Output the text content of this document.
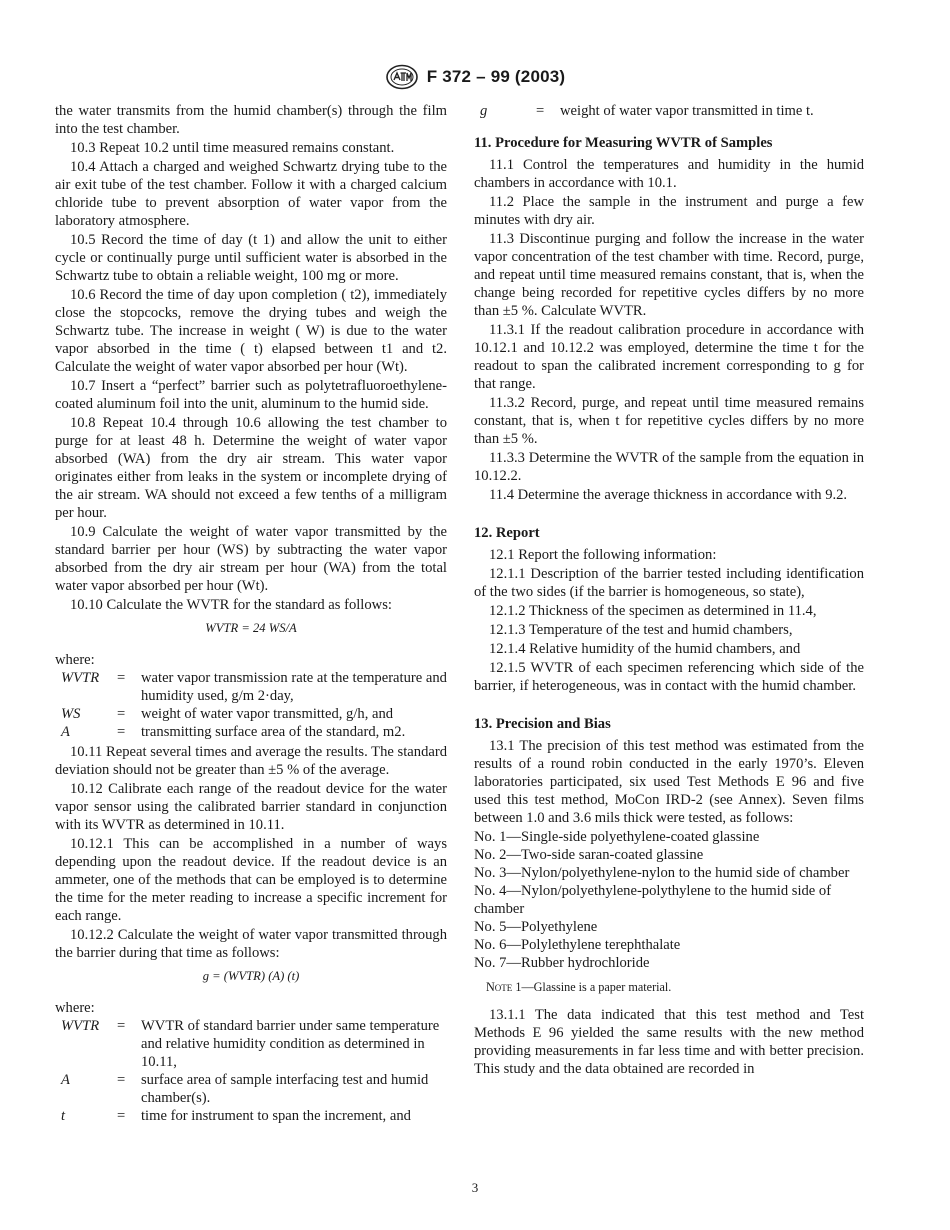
F 372 – 99 (2003)
the water transmits from the humid chamber(s) through the film into the test chamber.
10.3 Repeat 10.2 until time measured remains constant.
10.4 Attach a charged and weighed Schwartz drying tube to the air exit tube of the test chamber. Follow it with a charged calcium chloride tube to prevent absorption of water vapor from the laboratory atmosphere.
10.5 Record the time of day (t 1) and allow the unit to either cycle or continually purge until sufficient water is absorbed in the Schwartz tube to obtain a reliable weight, 100 mg or more.
10.6 Record the time of day upon completion ( t2), immediately close the stopcocks, remove the drying tubes and weigh the Schwartz tube. The increase in weight ( W) is due to the water vapor absorbed in the time ( t) elapsed between t1 and t2. Calculate the weight of water vapor absorbed per hour (Wt).
10.7 Insert a “perfect” barrier such as polytetrafluoroethylene-coated aluminum foil into the unit, aluminum to the humid side.
10.8 Repeat 10.4 through 10.6 allowing the test chamber to purge for at least 48 h. Determine the weight of water vapor absorbed (WA) from the dry air stream. This water vapor originates either from leaks in the system or incomplete drying of the air stream. WA should not exceed a few tenths of a milligram per hour.
10.9 Calculate the weight of water vapor transmitted by the standard barrier per hour (WS) by subtracting the water vapor absorbed from the dry air stream per hour (WA) from the total water vapor absorbed per hour (Wt).
10.10 Calculate the WVTR for the standard as follows:
WVTR = 24 WS/A
where:
WVTR	=	water vapor transmission rate at the temperature and humidity used, g/m 2·day,
WS	=	weight of water vapor transmitted, g/h, and
A	=	transmitting surface area of the standard, m2.
10.11 Repeat several times and average the results. The standard deviation should not be greater than ±5 % of the average.
10.12 Calibrate each range of the readout device for the water vapor sensor using the calibrated barrier standard in conjunction with its WVTR as determined in 10.11.
10.12.1 This can be accomplished in a number of ways depending upon the readout device. If the readout device is an ammeter, one of the methods that can be employed is to determine the time for the meter reading to increase a specific increment for each range.
10.12.2 Calculate the weight of water vapor transmitted through the barrier during that time as follows:
g = (WVTR) (A) (t)
where:
WVTR	=	WVTR of standard barrier under same temperature and relative humidity condition as determined in 10.11,
A	=	surface area of sample interfacing test and humid chamber(s).
t	=	time for instrument to span the increment, and
g	=	weight of water vapor transmitted in time t.
11. Procedure for Measuring WVTR of Samples
11.1 Control the temperatures and humidity in the humid chambers in accordance with 10.1.
11.2 Place the sample in the instrument and purge a few minutes with dry air.
11.3 Discontinue purging and follow the increase in the water vapor concentration of the test chamber with time. Record, purge, and repeat until time measured remains constant, that is, when the change being recorded for repetitive cycles differs by no more than ±5 %. Calculate WVTR.
11.3.1 If the readout calibration procedure in accordance with 10.12.1 and 10.12.2 was employed, determine the time t for the readout to span the calibrated increment corresponding to g for that range.
11.3.2 Record, purge, and repeat until time measured remains constant, that is, when t for repetitive cycles differs by no more than ±5 %.
11.3.3 Determine the WVTR of the sample from the equation in 10.12.2.
11.4 Determine the average thickness in accordance with 9.2.
12. Report
12.1 Report the following information:
12.1.1 Description of the barrier tested including identification of the two sides (if the barrier is homogeneous, so state),
12.1.2 Thickness of the specimen as determined in 11.4,
12.1.3 Temperature of the test and humid chambers,
12.1.4 Relative humidity of the humid chambers, and
12.1.5 WVTR of each specimen referencing which side of the barrier, if heterogeneous, was in contact with the humid chamber.
13. Precision and Bias
13.1 The precision of this test method was estimated from the results of a round robin conducted in the early 1970’s. Eleven laboratories participated, six used Test Methods E 96 and five used this test method, MoCon IRD-2 (see Annex). Seven films between 1.0 and 3.6 mils thick were tested, as follows:
No. 1—Single-side polyethylene-coated glassine
No. 2—Two-side saran-coated glassine
No. 3—Nylon/polyethylene-nylon to the humid side of chamber
No. 4—Nylon/polyethylene-polythylene to the humid side of chamber
No. 5—Polyethylene
No. 6—Polylethylene terephthalate
No. 7—Rubber hydrochloride
Note 1—Glassine is a paper material.
13.1.1 The data indicated that this test method and Test Methods E 96 yielded the same results with the new method providing measurements in far less time and with better precision. This study and the data obtained are recorded in
3
